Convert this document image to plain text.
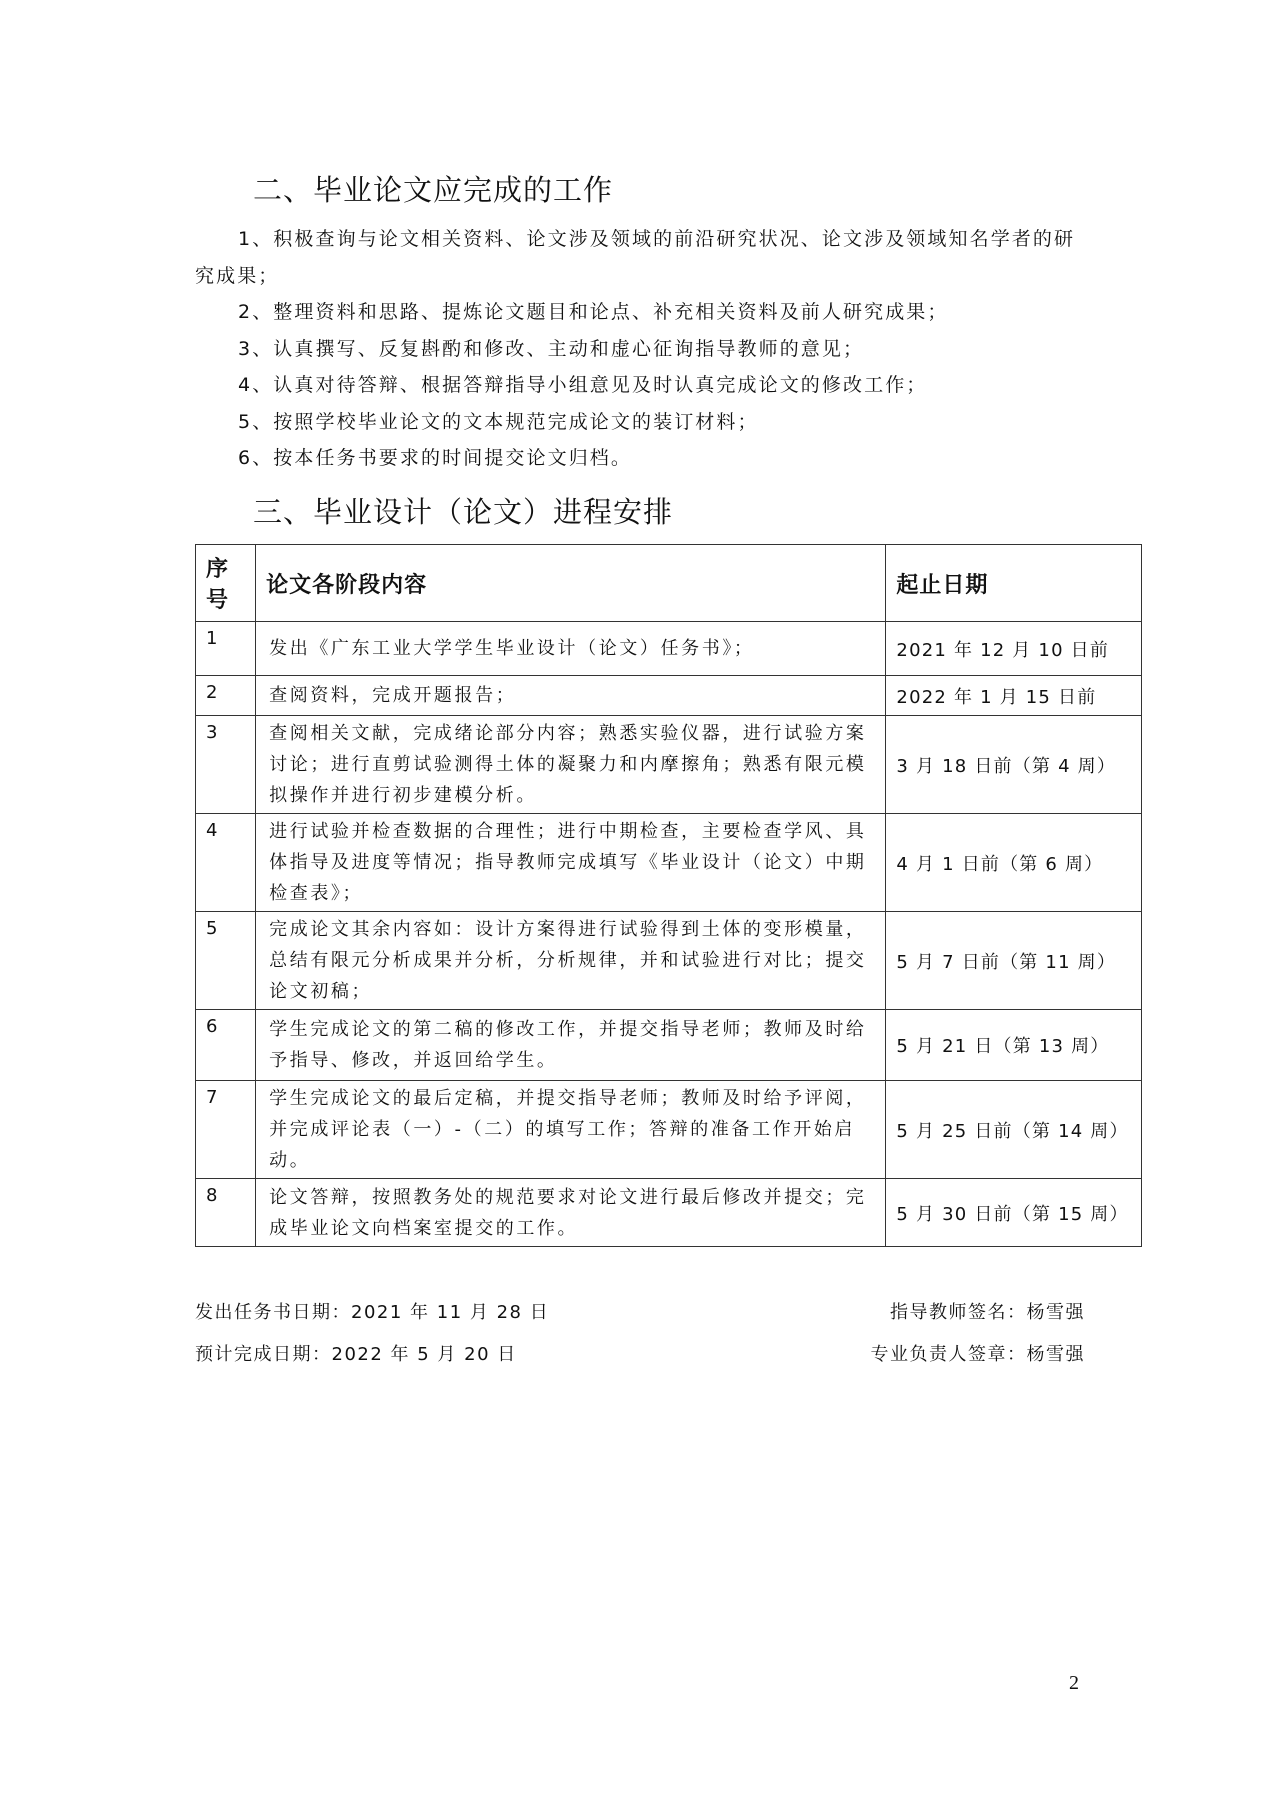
二、毕业论文应完成的工作
1、积极查询与论文相关资料、论文涉及领域的前沿研究状况、论文涉及领域知名学者的研究成果；
2、整理资料和思路、提炼论文题目和论点、补充相关资料及前人研究成果；
3、认真撰写、反复斟酌和修改、主动和虚心征询指导教师的意见；
4、认真对待答辩、根据答辩指导小组意见及时认真完成论文的修改工作；
5、按照学校毕业论文的文本规范完成论文的装订材料；
6、按本任务书要求的时间提交论文归档。
三、毕业设计（论文）进程安排
序号	论文各阶段内容	起止日期
1	发出《广东工业大学学生毕业设计（论文）任务书》；	2021 年 12 月 10 日前
2	查阅资料，完成开题报告；	2022 年 1 月 15 日前
3	查阅相关文献，完成绪论部分内容；熟悉实验仪器，进行试验方案讨论；进行直剪试验测得土体的凝聚力和内摩擦角；熟悉有限元模拟操作并进行初步建模分析。	3 月 18 日前（第 4 周）
4	进行试验并检查数据的合理性；进行中期检查，主要检查学风、具体指导及进度等情况；指导教师完成填写《毕业设计（论文）中期检查表》；	4 月 1 日前（第 6 周）
5	完成论文其余内容如：设计方案得进行试验得到土体的变形模量，总结有限元分析成果并分析，分析规律，并和试验进行对比；提交论文初稿；	5 月 7 日前（第 11 周）
6	学生完成论文的第二稿的修改工作，并提交指导老师；教师及时给予指导、修改，并返回给学生。	5 月 21 日（第 13 周）
7	学生完成论文的最后定稿，并提交指导老师；教师及时给予评阅，并完成评论表（一）-（二）的填写工作；答辩的准备工作开始启动。	5 月 25 日前（第 14 周）
8	论文答辩，按照教务处的规范要求对论文进行最后修改并提交；完成毕业论文向档案室提交的工作。	5 月 30 日前（第 15 周）
发出任务书日期：2021 年 11 月 28 日	指导教师签名：杨雪强
预计完成日期：2022 年 5 月 20 日	专业负责人签章：杨雪强
2
